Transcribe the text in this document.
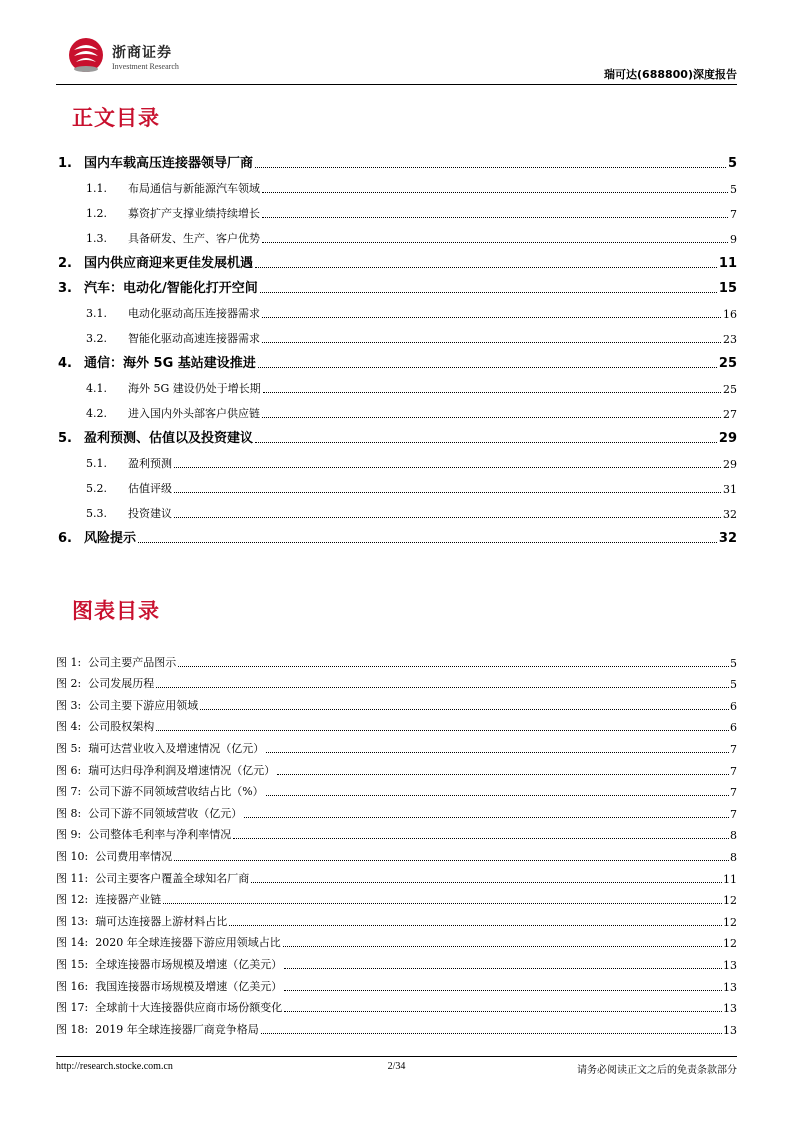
浙商证券
Investment Research
瑞可达(688800)深度报告
正文目录
1. 国内车载高压连接器领导厂商	5
1.1. 布局通信与新能源汽车领域	5
1.2. 募资扩产支撑业绩持续增长	7
1.3. 具备研发、生产、客户优势	9
2. 国内供应商迎来更佳发展机遇	11
3. 汽车：电动化/智能化打开空间	15
3.1. 电动化驱动高压连接器需求	16
3.2. 智能化驱动高速连接器需求	23
4. 通信：海外 5G 基站建设推进	25
4.1. 海外 5G 建设仍处于增长期	25
4.2. 进入国内外头部客户供应链	27
5. 盈利预测、估值以及投资建议	29
5.1. 盈利预测	29
5.2. 估值评级	31
5.3. 投资建议	32
6. 风险提示	32
图表目录
图 1: 公司主要产品图示	5
图 2: 公司发展历程	5
图 3: 公司主要下游应用领域	6
图 4: 公司股权架构	6
图 5: 瑞可达营业收入及增速情况（亿元）	7
图 6: 瑞可达归母净利润及增速情况（亿元）	7
图 7: 公司下游不同领域营收结占比（%）	7
图 8: 公司下游不同领域营收（亿元）	7
图 9: 公司整体毛利率与净利率情况	8
图 10: 公司费用率情况	8
图 11: 公司主要客户覆盖全球知名厂商	11
图 12: 连接器产业链	12
图 13: 瑞可达连接器上游材料占比	12
图 14: 2020 年全球连接器下游应用领域占比	12
图 15: 全球连接器市场规模及增速（亿美元）	13
图 16: 我国连接器市场规模及增速（亿美元）	13
图 17: 全球前十大连接器供应商市场份额变化	13
图 18: 2019 年全球连接器厂商竞争格局	13
http://research.stocke.com.cn	2/34	请务必阅读正文之后的免责条款部分
